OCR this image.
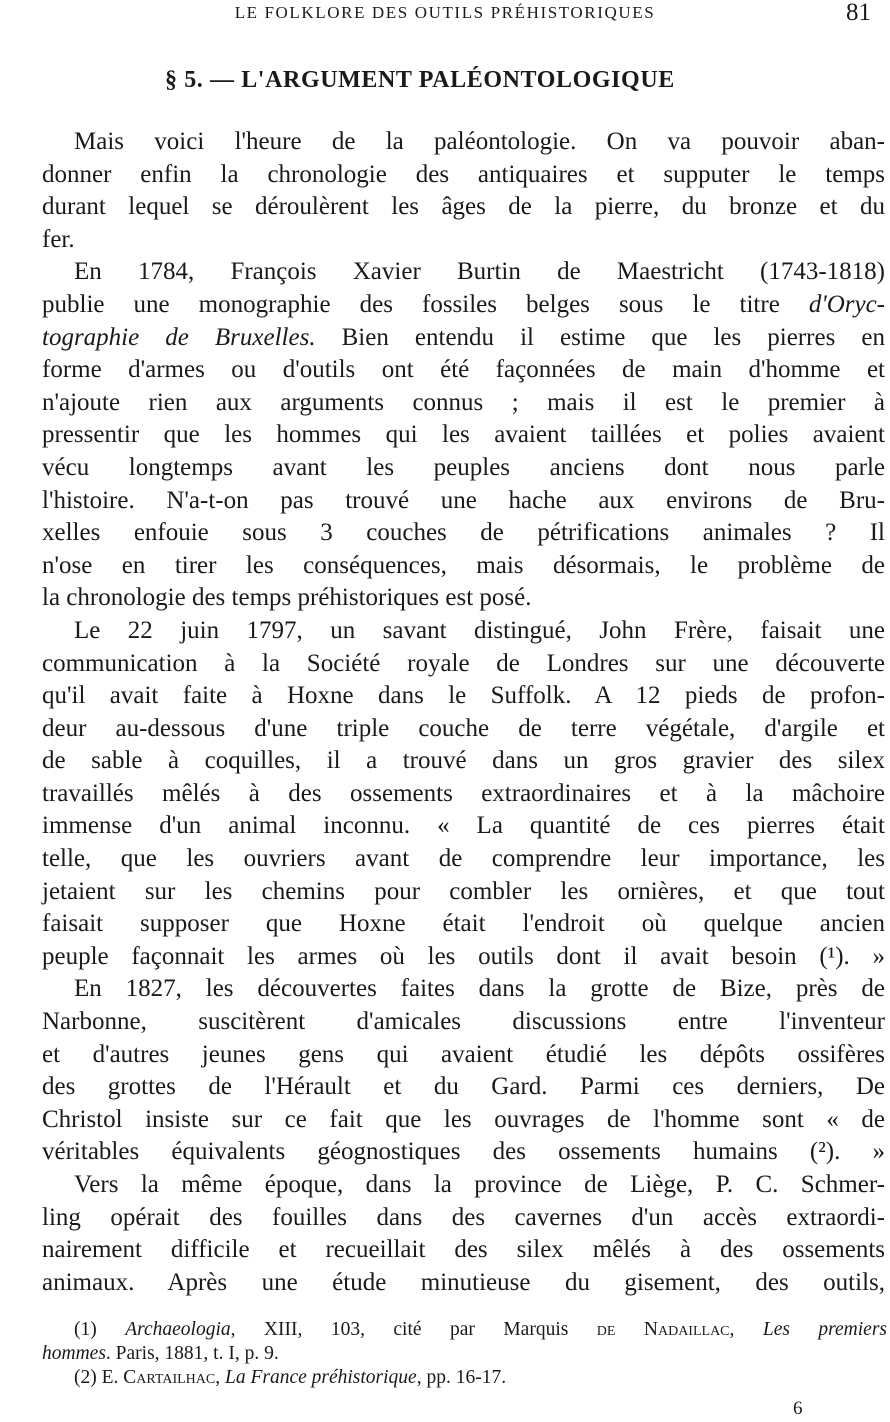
LE FOLKLORE DES OUTILS PRÉHISTORIQUES	81
§ 5. — L'ARGUMENT PALÉONTOLOGIQUE
Mais voici l'heure de la paléontologie. On va pouvoir aban-
donner enfin la chronologie des antiquaires et supputer le temps
durant lequel se déroulèrent les âges de la pierre, du bronze et du
fer.
En 1784, François Xavier Burtin de Maestricht (1743-1818)
publie une monographie des fossiles belges sous le titre d'Oryc-
tographie de Bruxelles. Bien entendu il estime que les pierres en
forme d'armes ou d'outils ont été façonnées de main d'homme et
n'ajoute rien aux arguments connus ; mais il est le premier à
pressentir que les hommes qui les avaient taillées et polies avaient
vécu longtemps avant les peuples anciens dont nous parle
l'histoire. N'a-t-on pas trouvé une hache aux environs de Bru-
xelles enfouie sous 3 couches de pétrifications animales ? Il
n'ose en tirer les conséquences, mais désormais, le problème de
la chronologie des temps préhistoriques est posé.
Le 22 juin 1797, un savant distingué, John Frère, faisait une
communication à la Société royale de Londres sur une découverte
qu'il avait faite à Hoxne dans le Suffolk. A 12 pieds de profon-
deur au-dessous d'une triple couche de terre végétale, d'argile et
de sable à coquilles, il a trouvé dans un gros gravier des silex
travaillés mêlés à des ossements extraordinaires et à la mâchoire
immense d'un animal inconnu. « La quantité de ces pierres était
telle, que les ouvriers avant de comprendre leur importance, les
jetaient sur les chemins pour combler les ornières, et que tout
faisait supposer que Hoxne était l'endroit où quelque ancien
peuple façonnait les armes où les outils dont il avait besoin (¹). »
En 1827, les découvertes faites dans la grotte de Bize, près de
Narbonne, suscitèrent d'amicales discussions entre l'inventeur
et d'autres jeunes gens qui avaient étudié les dépôts ossifères
des grottes de l'Hérault et du Gard. Parmi ces derniers, De
Christol insiste sur ce fait que les ouvrages de l'homme sont « de
véritables équivalents géognostiques des ossements humains (²). »
Vers la même époque, dans la province de Liège, P. C. Schmer-
ling opérait des fouilles dans des cavernes d'un accès extraordi-
nairement difficile et recueillait des silex mêlés à des ossements
animaux. Après une étude minutieuse du gisement, des outils,
(1) Archaeologia, XIII, 103, cité par Marquis de Nadaillac, Les premiers
hommes. Paris, 1881, t. I, p. 9.
(2) E. Cartailhac, La France préhistorique, pp. 16-17.
6
